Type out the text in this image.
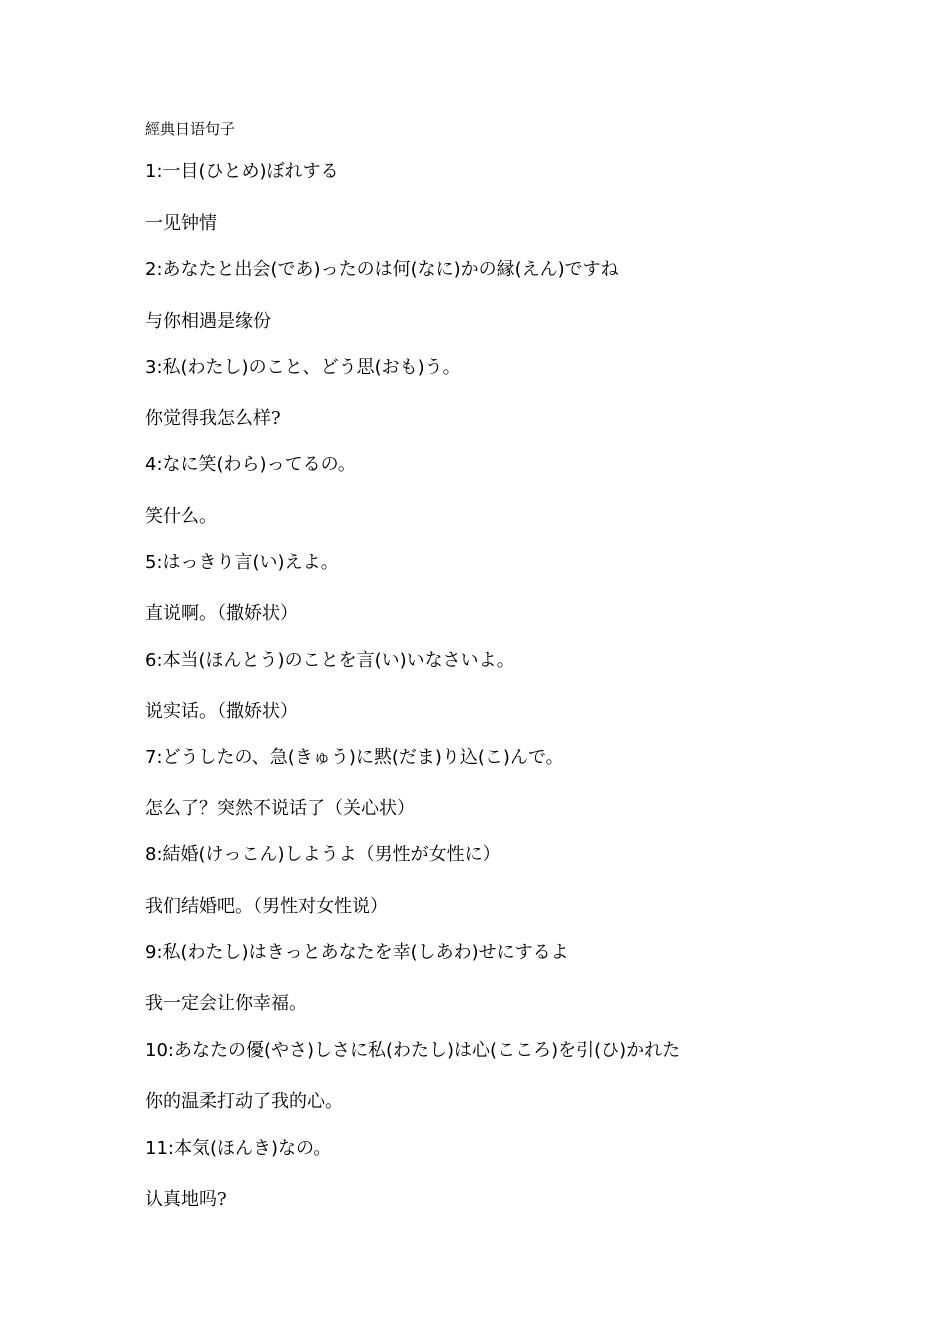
經典日语句子
1:一目(ひとめ)ぼれする
一见钟情
2:あなたと出会(であ)ったのは何(なに)かの縁(えん)ですね
与你相遇是缘份
3:私(わたし)のこと、どう思(おも)う。
你觉得我怎么样?
4:なに笑(わら)ってるの。
笑什么。
5:はっきり言(い)えよ。
直说啊。（撒娇状）
6:本当(ほんとう)のことを言(い)いなさいよ。
说实话。（撒娇状）
7:どうしたの、急(きゅう)に黙(だま)り込(こ)んで。
怎么了？突然不说话了（关心状）
8:結婚(けっこん)しようよ（男性が女性に）
我们结婚吧。（男性对女性说）
9:私(わたし)はきっとあなたを幸(しあわ)せにするよ
我一定会让你幸福。
10:あなたの優(やさ)しさに私(わたし)は心(こころ)を引(ひ)かれた
你的温柔打动了我的心。
11:本気(ほんき)なの。
认真地吗?
